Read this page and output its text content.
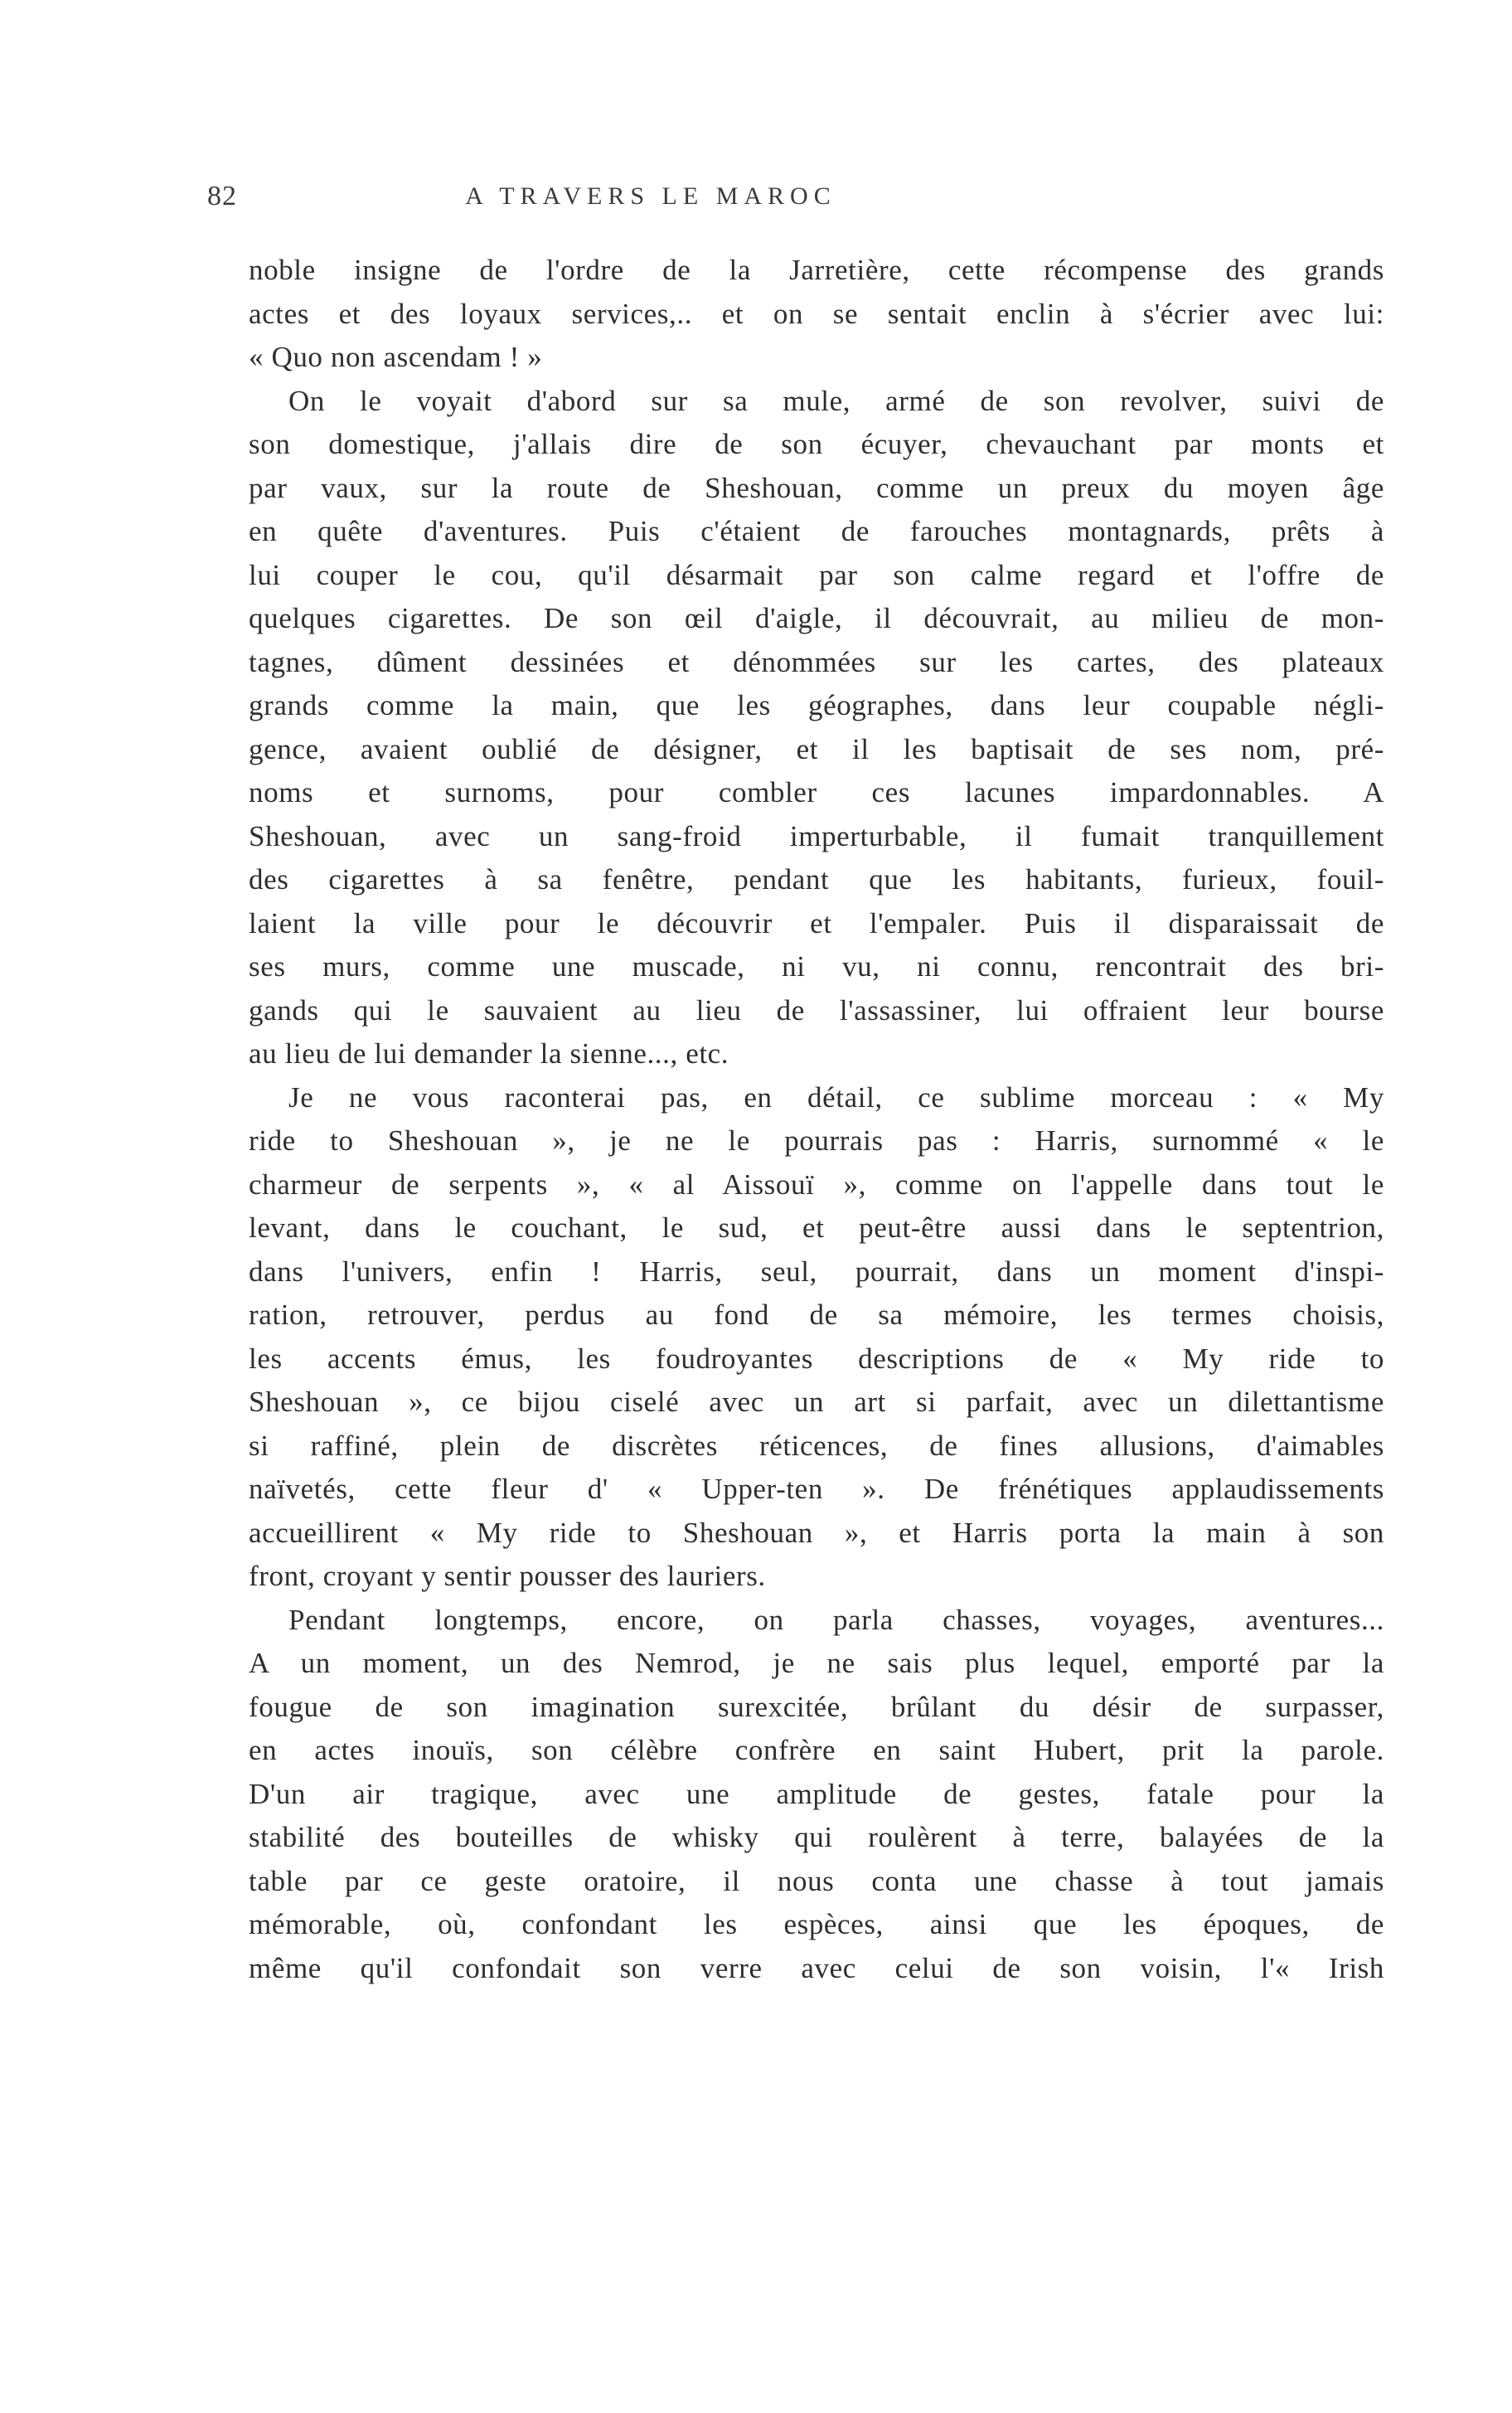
82	A TRAVERS LE MAROC
noble insigne de l'ordre de la Jarretière, cette récompense des grands
actes et des loyaux services,.. et on se sentait enclin à s'écrier avec lui:
« Quo non ascendam ! »
On le voyait d'abord sur sa mule, armé de son revolver, suivi de
son domestique, j'allais dire de son écuyer, chevauchant par monts et
par vaux, sur la route de Sheshouan, comme un preux du moyen âge
en quête d'aventures. Puis c'étaient de farouches montagnards, prêts à
lui couper le cou, qu'il désarmait par son calme regard et l'offre de
quelques cigarettes. De son œil d'aigle, il découvrait, au milieu de mon-
tagnes, dûment dessinées et dénommées sur les cartes, des plateaux
grands comme la main, que les géographes, dans leur coupable négli-
gence, avaient oublié de désigner, et il les baptisait de ses nom, pré-
noms et surnoms, pour combler ces lacunes impardonnables. A
Sheshouan, avec un sang-froid imperturbable, il fumait tranquillement
des cigarettes à sa fenêtre, pendant que les habitants, furieux, fouil-
laient la ville pour le découvrir et l'empaler. Puis il disparaissait de
ses murs, comme une muscade, ni vu, ni connu, rencontrait des bri-
gands qui le sauvaient au lieu de l'assassiner, lui offraient leur bourse
au lieu de lui demander la sienne..., etc.
Je ne vous raconterai pas, en détail, ce sublime morceau : « My
ride to Sheshouan », je ne le pourrais pas : Harris, surnommé « le
charmeur de serpents », « al Aissouï », comme on l'appelle dans tout le
levant, dans le couchant, le sud, et peut-être aussi dans le septentrion,
dans l'univers, enfin ! Harris, seul, pourrait, dans un moment d'inspi-
ration, retrouver, perdus au fond de sa mémoire, les termes choisis,
les accents émus, les foudroyantes descriptions de « My ride to
Sheshouan », ce bijou ciselé avec un art si parfait, avec un dilettantisme
si raffiné, plein de discrètes réticences, de fines allusions, d'aimables
naïvetés, cette fleur d' « Upper-ten ». De frénétiques applaudissements
accueillirent « My ride to Sheshouan », et Harris porta la main à son
front, croyant y sentir pousser des lauriers.
Pendant longtemps, encore, on parla chasses, voyages, aventures...
A un moment, un des Nemrod, je ne sais plus lequel, emporté par la
fougue de son imagination surexcitée, brûlant du désir de surpasser,
en actes inouïs, son célèbre confrère en saint Hubert, prit la parole.
D'un air tragique, avec une amplitude de gestes, fatale pour la
stabilité des bouteilles de whisky qui roulèrent à terre, balayées de la
table par ce geste oratoire, il nous conta une chasse à tout jamais
mémorable, où, confondant les espèces, ainsi que les époques, de
même qu'il confondait son verre avec celui de son voisin, l'« Irish
